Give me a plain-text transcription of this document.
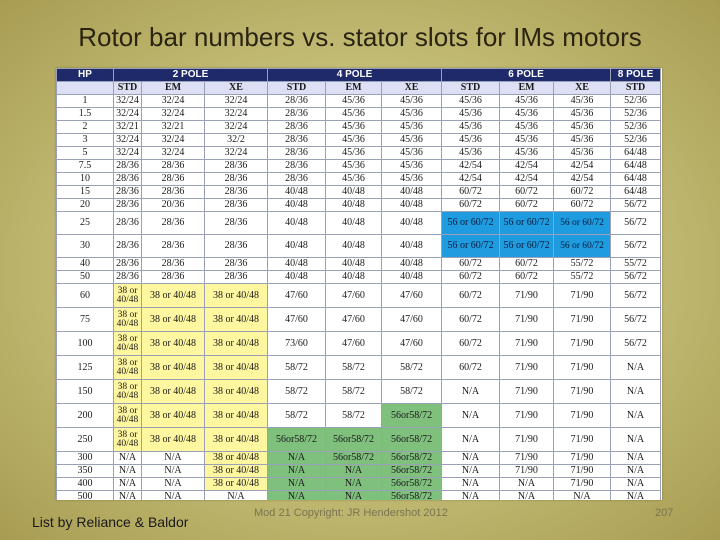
Rotor bar numbers vs. stator slots for IMs motors
HP	2 POLE			4 POLE			6 POLE			8 POLE
	STD	EM	XE	STD	EM	XE	STD	EM	XE	STD
1	32/24	32/24	32/24	28/36	45/36	45/36	45/36	45/36	45/36	52/36
1.5	32/24	32/24	32/24	28/36	45/36	45/36	45/36	45/36	45/36	52/36
2	32/21	32/21	32/24	28/36	45/36	45/36	45/36	45/36	45/36	52/36
3	32/24	32/24	32/2	28/36	45/36	45/36	45/36	45/36	45/36	52/36
5	32/24	32/24	32/24	28/36	45/36	45/36	45/36	45/36	45/36	64/48
7.5	28/36	28/36	28/36	28/36	45/36	45/36	42/54	42/54	42/54	64/48
10	28/36	28/36	28/36	28/36	45/36	45/36	42/54	42/54	42/54	64/48
15	28/36	28/36	28/36	40/48	40/48	40/48	60/72	60/72	60/72	64/48
20	28/36	20/36	28/36	40/48	40/48	40/48	60/72	60/72	60/72	56/72
25	28/36	28/36	28/36	40/48	40/48	40/48	56 or 60/72	56 or 60/72	56 or 60/72	56/72
30	28/36	28/36	28/36	40/48	40/48	40/48	56 or 60/72	56 or 60/72	56 or 60/72	56/72
40	28/36	28/36	28/36	40/48	40/48	40/48	60/72	60/72	55/72	55/72
50	28/36	28/36	28/36	40/48	40/48	40/48	60/72	60/72	55/72	56/72
60	38 or 40/48	38 or 40/48	38 or 40/48	47/60	47/60	47/60	60/72	71/90	71/90	56/72
75	38 or 40/48	38 or 40/48	38 or 40/48	47/60	47/60	47/60	60/72	71/90	71/90	56/72
100	38 or 40/48	38 or 40/48	38 or 40/48	73/60	47/60	47/60	60/72	71/90	71/90	56/72
125	38 or 40/48	38 or 40/48	38 or 40/48	58/72	58/72	58/72	60/72	71/90	71/90	N/A
150	38 or 40/48	38 or 40/48	38 or 40/48	58/72	58/72	58/72	N/A	71/90	71/90	N/A
200	38 or 40/48	38 or 40/48	38 or 40/48	58/72	58/72	56or58/72	N/A	71/90	71/90	N/A
250	38 or 40/48	38 or 40/48	38 or 40/48	56or58/72	56or58/72	56or58/72	N/A	71/90	71/90	N/A
300	N/A	N/A	38 or 40/48	N/A	56or58/72	56or58/72	N/A	71/90	71/90	N/A
350	N/A	N/A	38 or 40/48	N/A	N/A	56or58/72	N/A	71/90	71/90	N/A
400	N/A	N/A	38 or 40/48	N/A	N/A	56or58/72	N/A	N/A	71/90	N/A
500	N/A	N/A	N/A	N/A	N/A	56or58/72	N/A	N/A	N/A	N/A
List by Reliance & Baldor
Mod 21 Copyright: JR Hendershot 2012	207
